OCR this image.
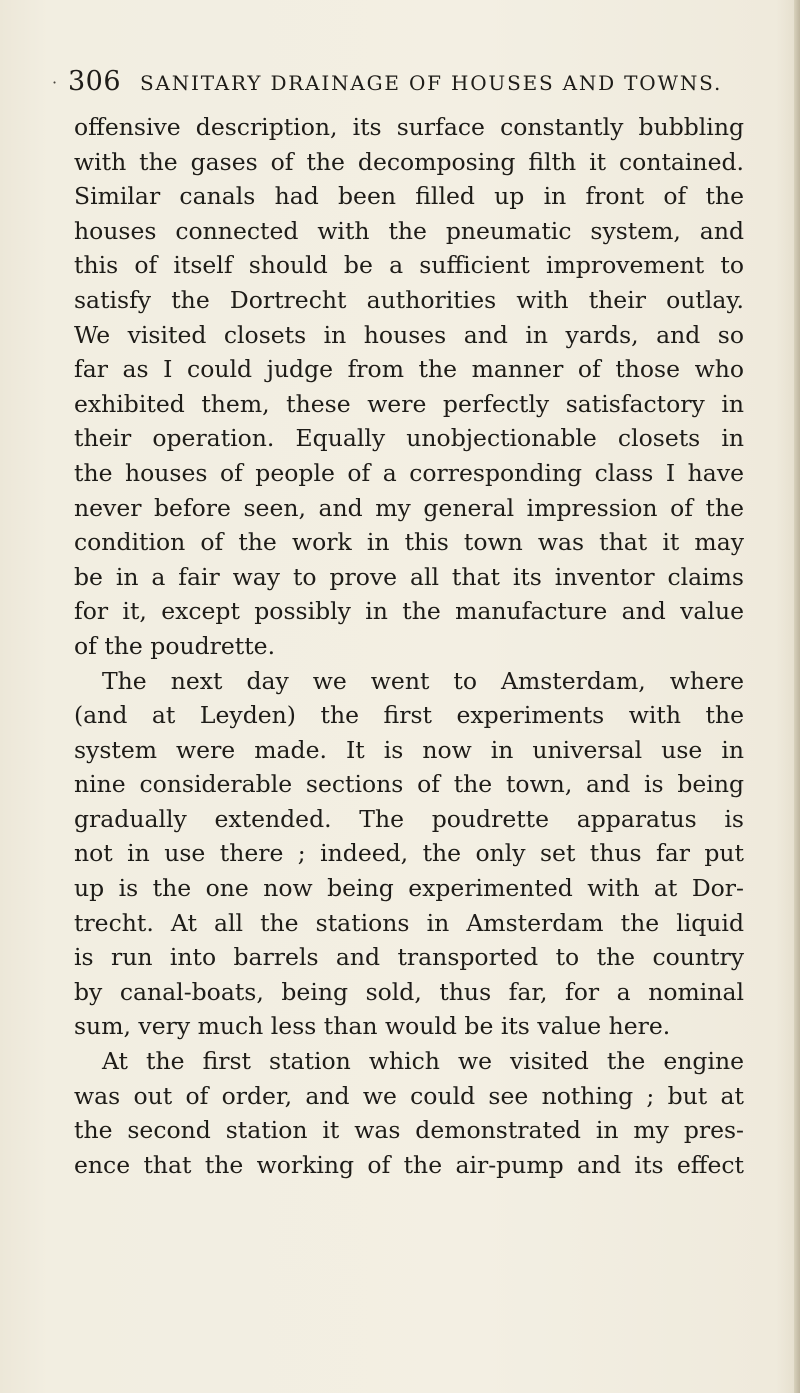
· 306 SANITARY DRAINAGE OF HOUSES AND TOWNS.
offensive description, its surface constantly bubbling
with the gases of the decomposing filth it contained.
Similar canals had been filled up in front of the
houses connected with the pneumatic system, and
this of itself should be a sufficient improvement to
satisfy the Dortrecht authorities with their outlay.
We visited closets in houses and in yards, and so
far as I could judge from the manner of those who
exhibited them, these were perfectly satisfactory in
their operation. Equally unobjectionable closets in
the houses of people of a corresponding class I have
never before seen, and my general impression of the
condition of the work in this town was that it may
be in a fair way to prove all that its inventor claims
for it, except possibly in the manufacture and value
of the poudrette.
The next day we went to Amsterdam, where
(and at Leyden) the first experiments with the
system were made. It is now in universal use in
nine considerable sections of the town, and is being
gradually extended. The poudrette apparatus is
not in use there ; indeed, the only set thus far put
up is the one now being experimented with at Dor-
trecht. At all the stations in Amsterdam the liquid
is run into barrels and transported to the country
by canal-boats, being sold, thus far, for a nominal
sum, very much less than would be its value here.
At the first station which we visited the engine
was out of order, and we could see nothing ; but at
the second station it was demonstrated in my pres-
ence that the working of the air-pump and its effect
